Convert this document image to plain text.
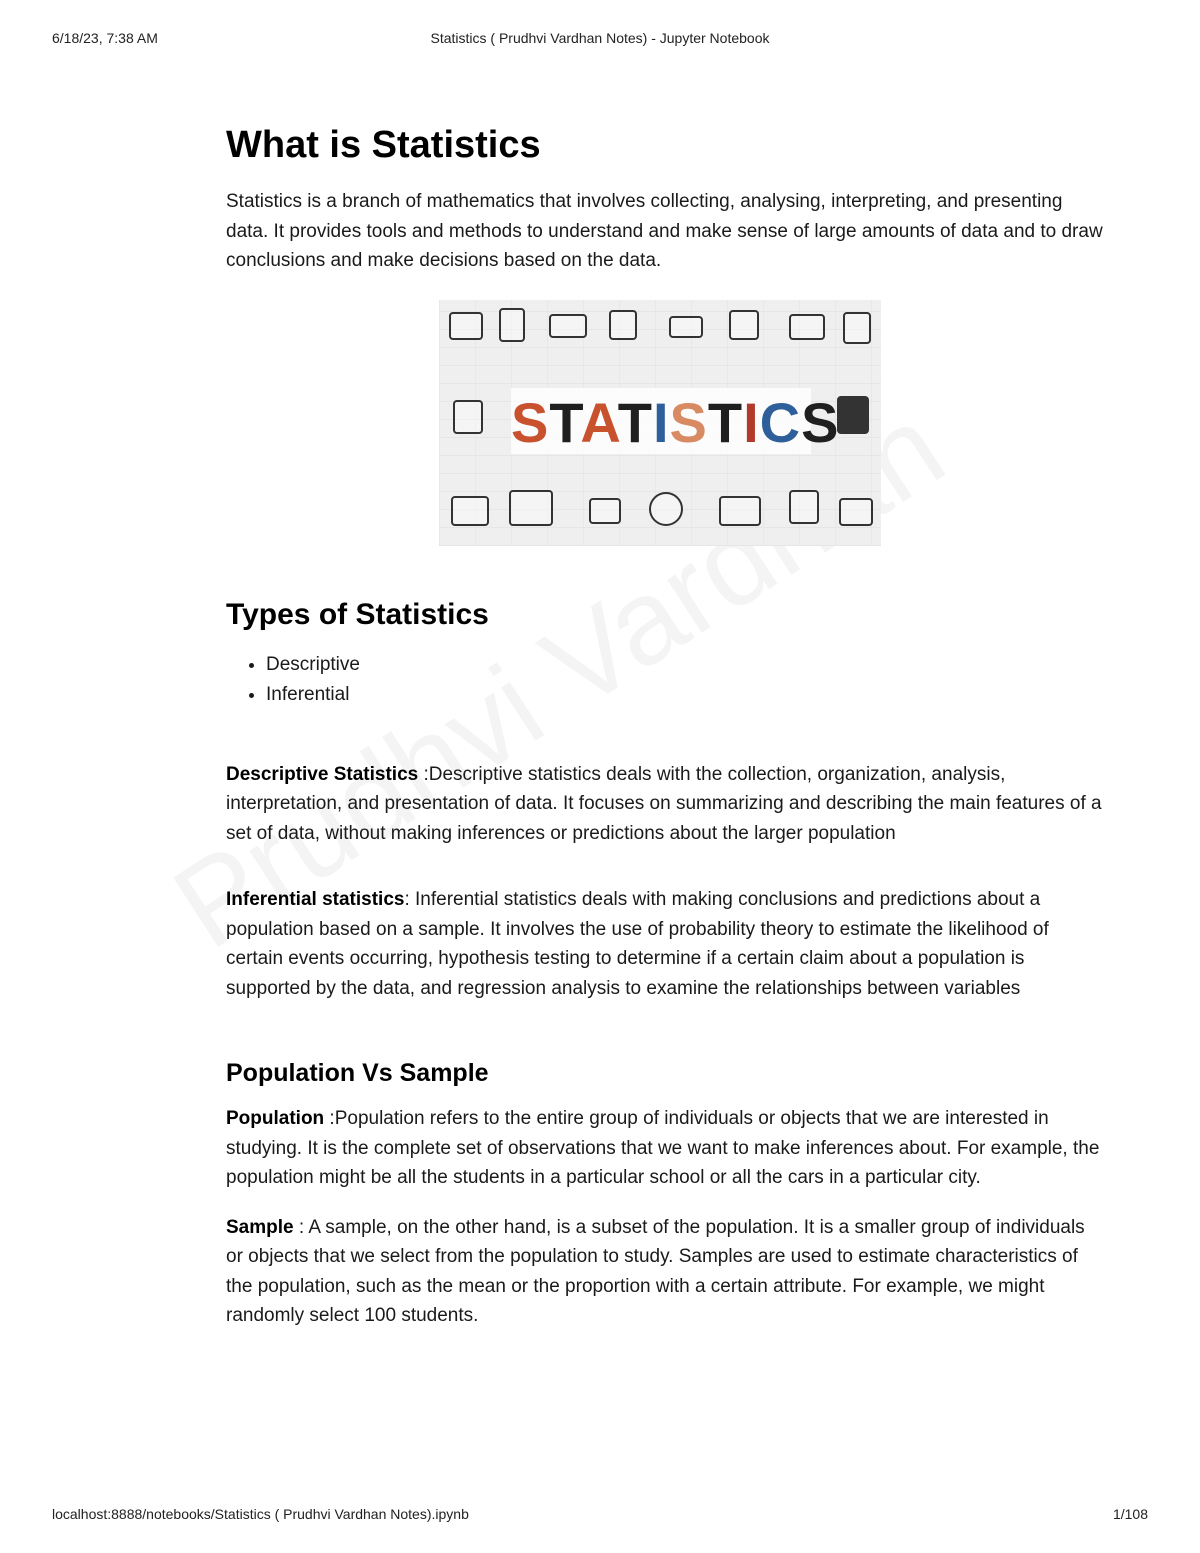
6/18/23, 7:38 AM	Statistics ( Prudhvi Vardhan Notes) - Jupyter Notebook
What is Statistics

Statistics is a branch of mathematics that involves collecting, analysing, interpreting, and presenting data. It provides tools and methods to understand and make sense of large amounts of data and to draw conclusions and make decisions based on the data.

STATISTICS
Types of Statistics
• Descriptive
• Inferential

Descriptive Statistics :Descriptive statistics deals with the collection, organization, analysis, interpretation, and presentation of data. It focuses on summarizing and describing the main features of a set of data, without making inferences or predictions about the larger population

Inferential statistics: Inferential statistics deals with making conclusions and predictions about a population based on a sample. It involves the use of probability theory to estimate the likelihood of certain events occurring, hypothesis testing to determine if a certain claim about a population is supported by the data, and regression analysis to examine the relationships between variables

Population Vs Sample

Population :Population refers to the entire group of individuals or objects that we are interested in studying. It is the complete set of observations that we want to make inferences about. For example, the population might be all the students in a particular school or all the cars in a particular city.

Sample : A sample, on the other hand, is a subset of the population. It is a smaller group of individuals or objects that we select from the population to study. Samples are used to estimate characteristics of the population, such as the mean or the proportion with a certain attribute. For example, we might randomly select 100 students.

localhost:8888/notebooks/Statistics ( Prudhvi Vardhan Notes).ipynb	1/108
